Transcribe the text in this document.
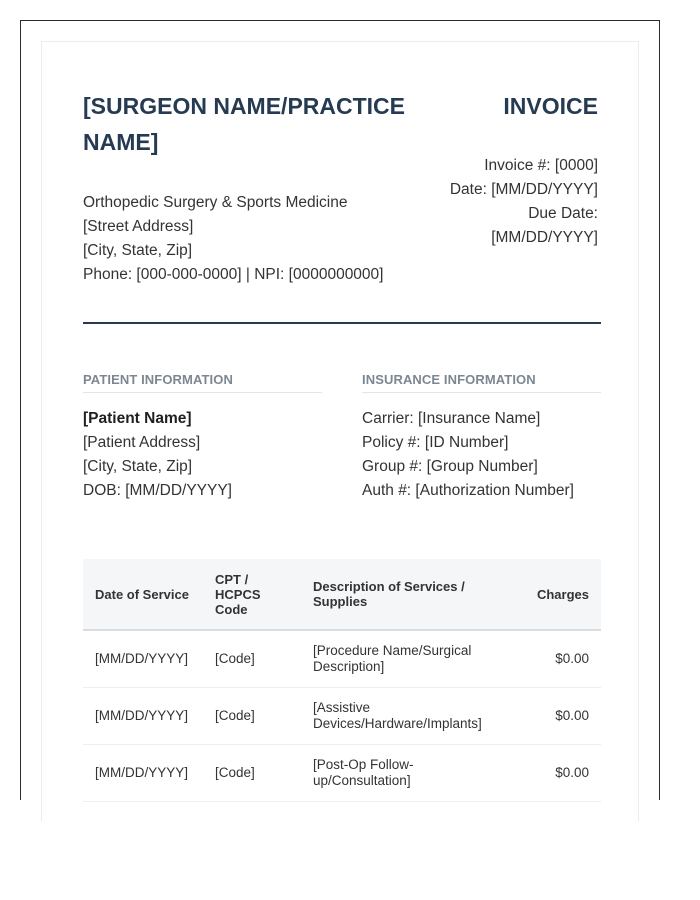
[SURGEON NAME/PRACTICE NAME]
Orthopedic Surgery & Sports Medicine
[Street Address]
[City, State, Zip]
Phone: [000-000-0000] | NPI: [0000000000]
INVOICE
Invoice #: [0000]
Date: [MM/DD/YYYY]
Due Date:
[MM/DD/YYYY]
PATIENT INFORMATION	INSURANCE INFORMATION
[Patient Name]
[Patient Address]
[City, State, Zip]
DOB: [MM/DD/YYYY]
Carrier: [Insurance Name]
Policy #: [ID Number]
Group #: [Group Number]
Auth #: [Authorization Number]
Date of Service	CPT / HCPCS Code	Description of Services / Supplies	Charges
[MM/DD/YYYY]	[Code]	[Procedure Name/Surgical Description]	$0.00
[MM/DD/YYYY]	[Code]	[Assistive Devices/Hardware/Implants]	$0.00
[MM/DD/YYYY]	[Code]	[Post-Op Follow-up/Consultation]	$0.00
